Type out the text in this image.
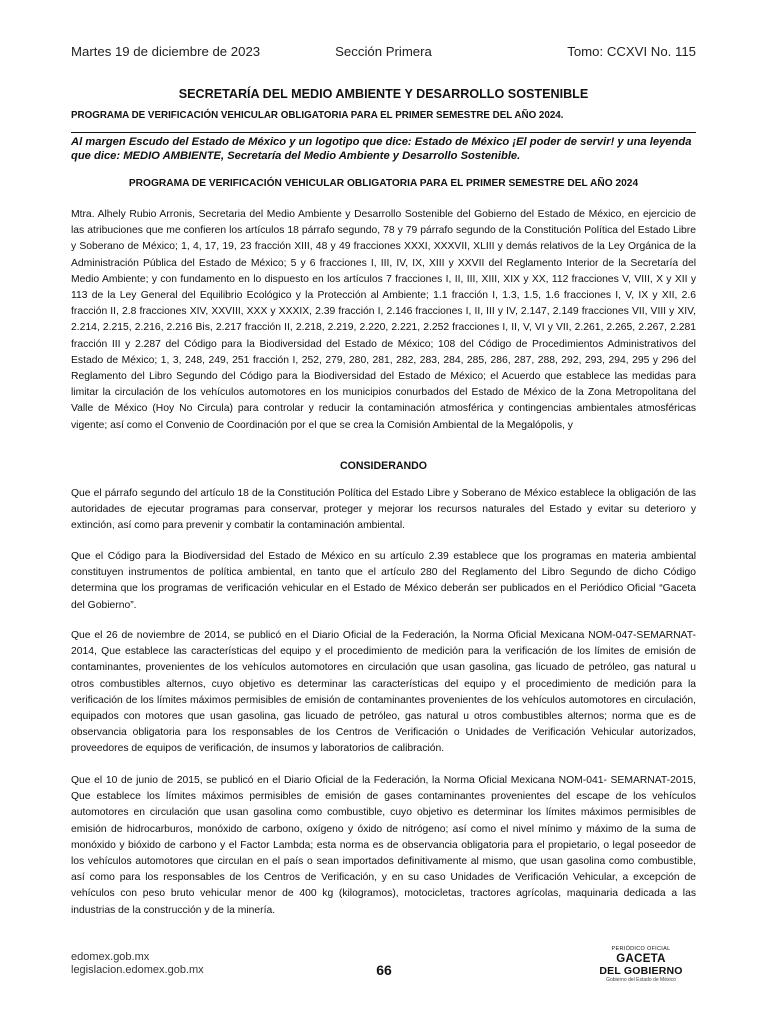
Martes 19 de diciembre de 2023	Sección Primera	Tomo: CCXVI No. 115
SECRETARÍA DEL MEDIO AMBIENTE Y DESARROLLO SOSTENIBLE
PROGRAMA DE VERIFICACIÓN VEHICULAR OBLIGATORIA PARA EL PRIMER SEMESTRE DEL AÑO 2024.
Al margen Escudo del Estado de México y un logotipo que dice: Estado de México ¡El poder de servir! y una leyenda que dice: MEDIO AMBIENTE, Secretaría del Medio Ambiente y Desarrollo Sostenible.
PROGRAMA DE VERIFICACIÓN VEHICULAR OBLIGATORIA PARA EL PRIMER SEMESTRE DEL AÑO 2024
Mtra. Alhely Rubio Arronis, Secretaria del Medio Ambiente y Desarrollo Sostenible del Gobierno del Estado de México, en ejercicio de las atribuciones que me confieren los artículos 18 párrafo segundo, 78 y 79 párrafo segundo de la Constitución Política del Estado Libre y Soberano de México; 1, 4, 17, 19, 23 fracción XIII, 48 y 49 fracciones XXXI, XXXVII, XLIII y demás relativos de la Ley Orgánica de la Administración Pública del Estado de México; 5 y 6 fracciones I, III, IV, IX, XIII y XXVII del Reglamento Interior de la Secretaría del Medio Ambiente; y con fundamento en lo dispuesto en los artículos 7 fracciones I, II, III, XIII, XIX y XX, 112 fracciones V, VIII, X y XII y 113 de la Ley General del Equilibrio Ecológico y la Protección al Ambiente; 1.1 fracción I, 1.3, 1.5, 1.6 fracciones I, V, IX y XII, 2.6 fracción II, 2.8 fracciones XIV, XXVIII, XXX y XXXIX, 2.39 fracción I, 2.146 fracciones I, II, III y IV, 2.147, 2.149 fracciones VII, VIII y XIV, 2.214, 2.215, 2.216, 2.216 Bis, 2.217 fracción II, 2.218, 2.219, 2.220, 2.221, 2.252 fracciones I, II, V, VI y VII, 2.261, 2.265, 2.267, 2.281 fracción III y 2.287 del Código para la Biodiversidad del Estado de México; 108 del Código de Procedimientos Administrativos del Estado de México; 1, 3, 248, 249, 251 fracción I, 252, 279, 280, 281, 282, 283, 284, 285, 286, 287, 288, 292, 293, 294, 295 y 296 del Reglamento del Libro Segundo del Código para la Biodiversidad del Estado de México; el Acuerdo que establece las medidas para limitar la circulación de los vehículos automotores en los municipios conurbados del Estado de México de la Zona Metropolitana del Valle de México (Hoy No Circula) para controlar y reducir la contaminación atmosférica y contingencias ambientales atmosféricas vigente; así como el Convenio de Coordinación por el que se crea la Comisión Ambiental de la Megalópolis, y
CONSIDERANDO
Que el párrafo segundo del artículo 18 de la Constitución Política del Estado Libre y Soberano de México establece la obligación de las autoridades de ejecutar programas para conservar, proteger y mejorar los recursos naturales del Estado y evitar su deterioro y extinción, así como para prevenir y combatir la contaminación ambiental.
Que el Código para la Biodiversidad del Estado de México en su artículo 2.39 establece que los programas en materia ambiental constituyen instrumentos de política ambiental, en tanto que el artículo 280 del Reglamento del Libro Segundo de dicho Código determina que los programas de verificación vehicular en el Estado de México deberán ser publicados en el Periódico Oficial “Gaceta del Gobierno”.
Que el 26 de noviembre de 2014, se publicó en el Diario Oficial de la Federación, la Norma Oficial Mexicana NOM-047-SEMARNAT-2014, Que establece las características del equipo y el procedimiento de medición para la verificación de los límites de emisión de contaminantes, provenientes de los vehículos automotores en circulación que usan gasolina, gas licuado de petróleo, gas natural u otros combustibles alternos, cuyo objetivo es determinar las características del equipo y el procedimiento de medición para la verificación de los límites máximos permisibles de emisión de contaminantes provenientes de los vehículos automotores en circulación, equipados con motores que usan gasolina, gas licuado de petróleo, gas natural u otros combustibles alternos; norma que es de observancia obligatoria para los responsables de los Centros de Verificación o Unidades de Verificación Vehicular autorizados, proveedores de equipos de verificación, de insumos y laboratorios de calibración.
Que el 10 de junio de 2015, se publicó en el Diario Oficial de la Federación, la Norma Oficial Mexicana NOM-041- SEMARNAT-2015, Que establece los límites máximos permisibles de emisión de gases contaminantes provenientes del escape de los vehículos automotores en circulación que usan gasolina como combustible, cuyo objetivo es determinar los límites máximos permisibles de emisión de hidrocarburos, monóxido de carbono, oxígeno y óxido de nitrógeno; así como el nivel mínimo y máximo de la suma de monóxido y bióxido de carbono y el Factor Lambda; esta norma es de observancia obligatoria para el propietario, o legal poseedor de los vehículos automotores que circulan en el país o sean importados definitivamente al mismo, que usan gasolina como combustible, así como para los responsables de los Centros de Verificación, y en su caso Unidades de Verificación Vehicular, a excepción de vehículos con peso bruto vehicular menor de 400 kg (kilogramos), motocicletas, tractores agrícolas, maquinaria dedicada a las industrias de la construcción y de la minería.
edomex.gob.mx
legislacion.edomex.gob.mx	66
PERIÓDICO OFICIAL
GACETA
DEL GOBIERNO
Gobierno del Estado de México
